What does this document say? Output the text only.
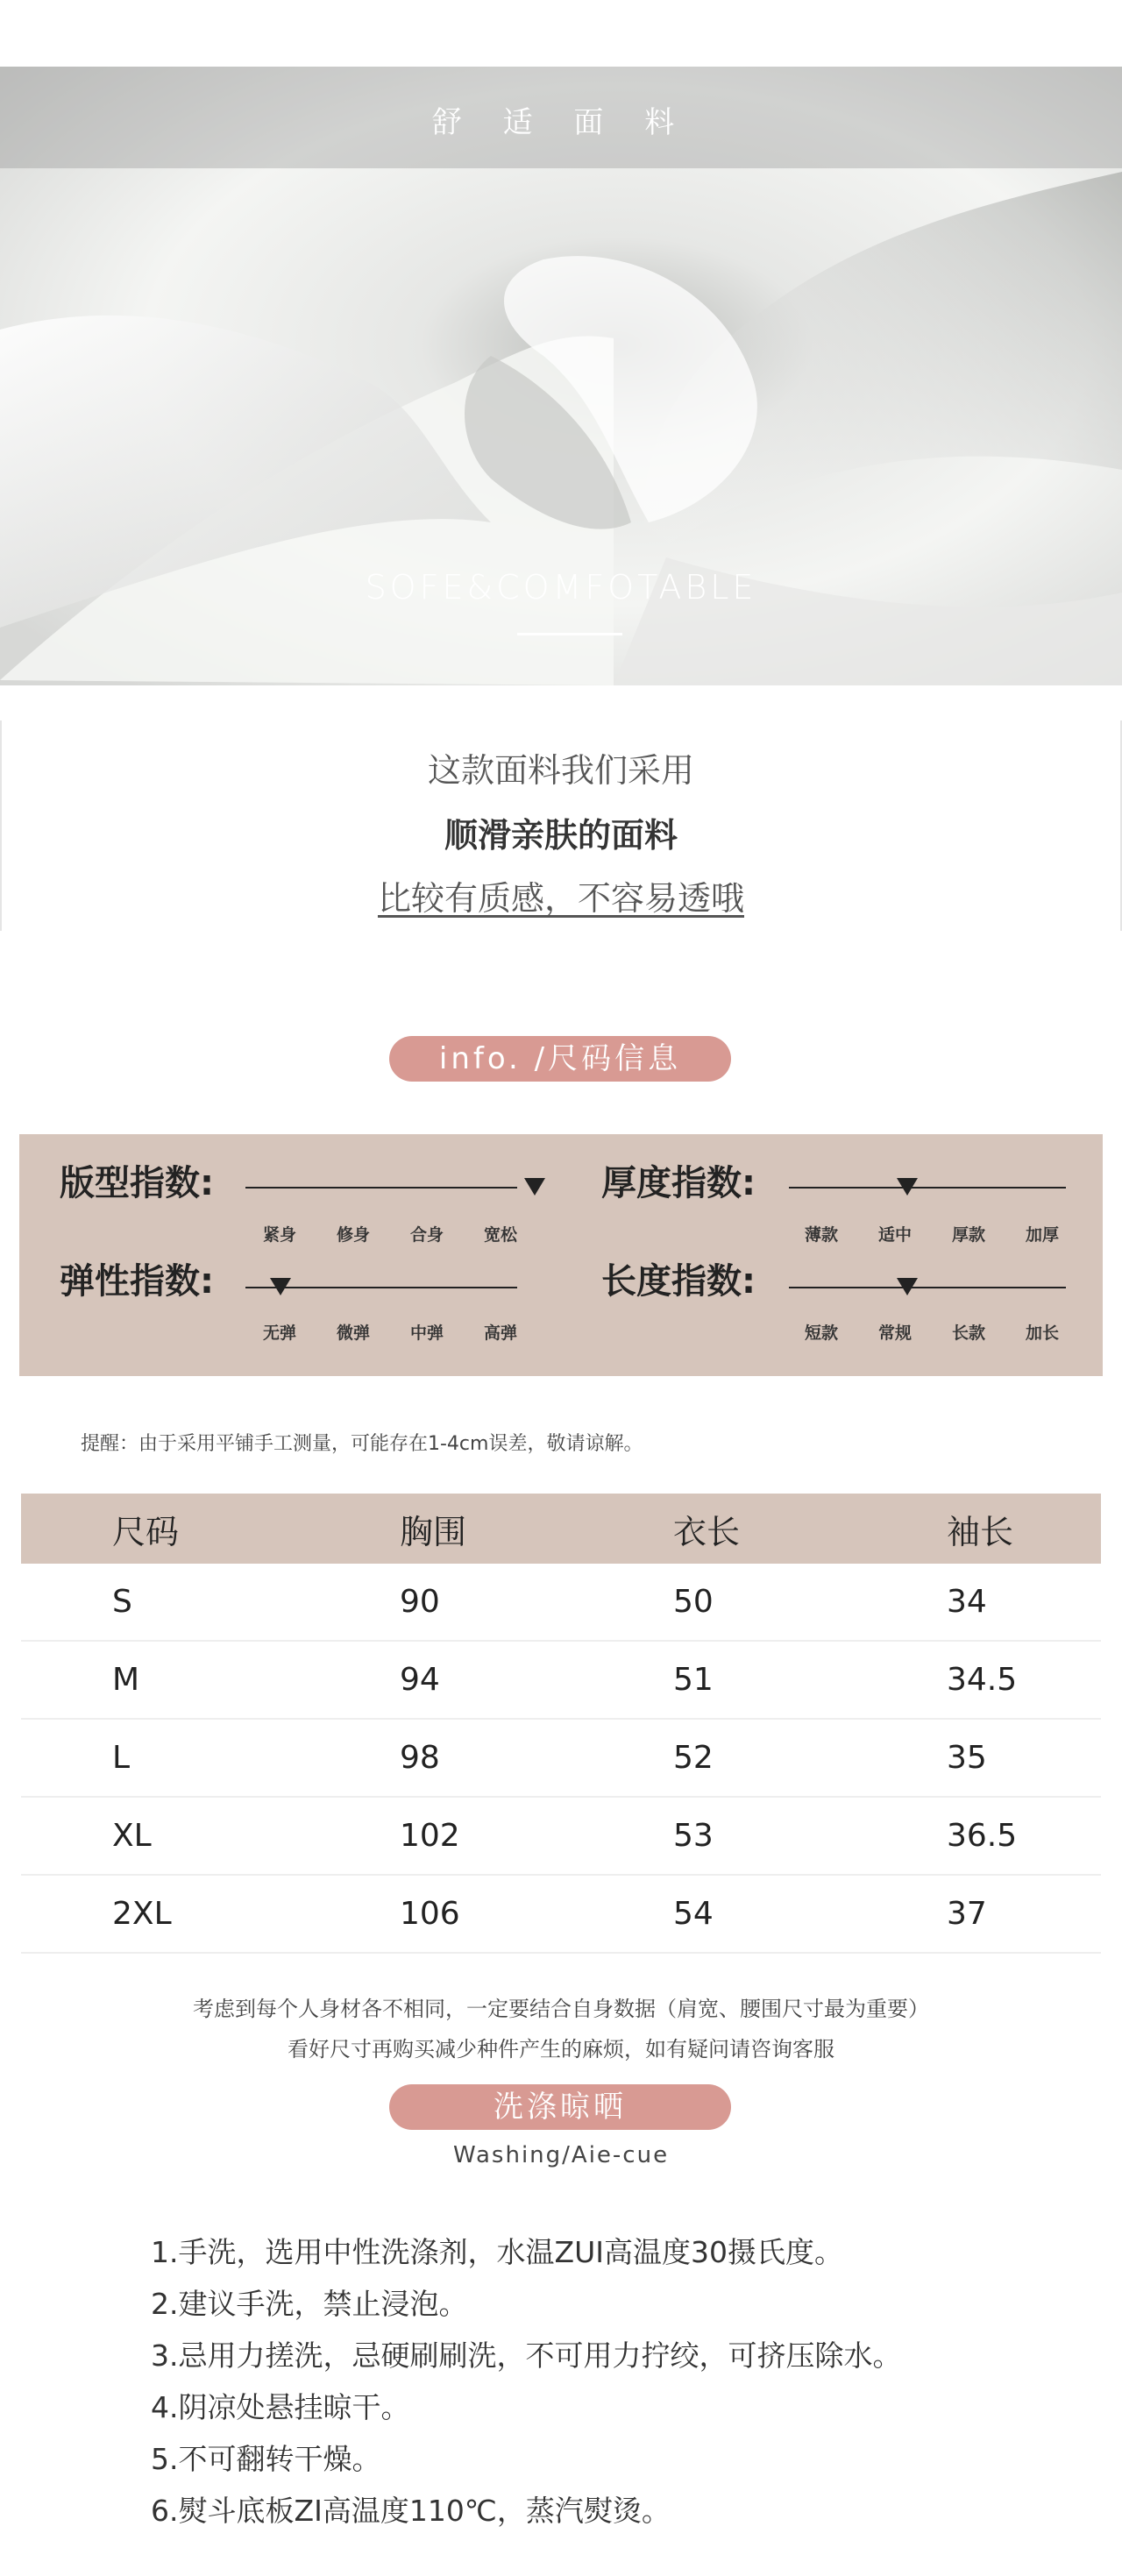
舒 适 面 料
SOFE&COMFOTABLE
这款面料我们采用
顺滑亲肤的面料
比较有质感，不容易透哦
info. /尺码信息
版型指数:
紧身 修身 合身 宽松
厚度指数:
薄款 适中 厚款 加厚
弹性指数:
无弹 微弹 中弹 高弹
长度指数:
短款 常规 长款 加长
提醒：由于采用平铺手工测量，可能存在1-4cm误差，敬请谅解。
尺码	胸围	衣长	袖长
S	90	50	34
M	94	51	34.5
L	98	52	35
XL	102	53	36.5
2XL	106	54	37
考虑到每个人身材各不相同，一定要结合自身数据（肩宽、腰围尺寸最为重要）
看好尺寸再购买减少种件产生的麻烦，如有疑问请咨询客服
洗涤晾晒
Washing/Aie-cue
1.手洗，选用中性洗涤剂，水温ZUI高温度30摄氏度。
2.建议手洗，禁止浸泡。
3.忌用力搓洗，忌硬刷刷洗，不可用力拧绞，可挤压除水。
4.阴凉处悬挂晾干。
5.不可翻转干燥。
6.熨斗底板ZI高温度110℃，蒸汽熨烫。
